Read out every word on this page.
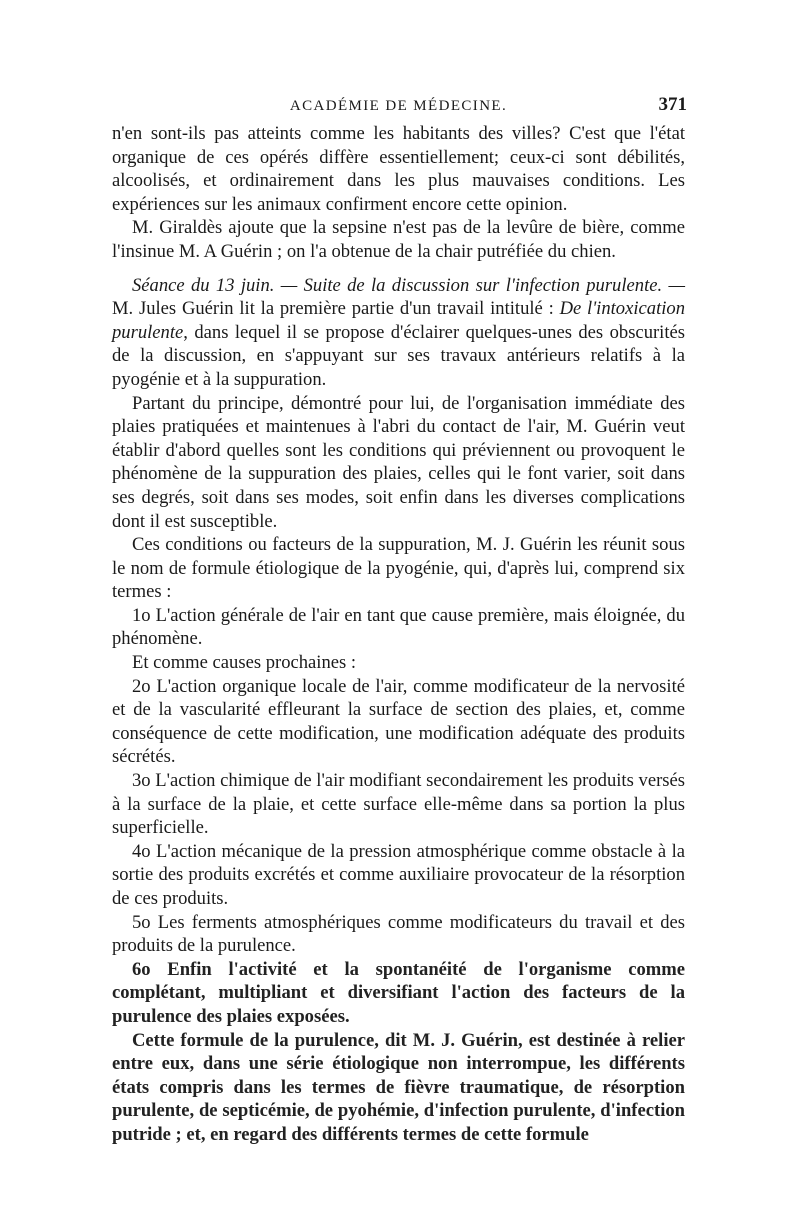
ACADÉMIE DE MÉDECINE.	371

n'en sont-ils pas atteints comme les habitants des villes? C'est que l'état organique de ces opérés diffère essentiellement; ceux-ci sont débilités, alcoolisés, et ordinairement dans les plus mauvaises conditions. Les expériences sur les animaux confirment encore cette opinion.

M. Giraldès ajoute que la sepsine n'est pas de la levûre de bière, comme l'insinue M. A Guérin ; on l'a obtenue de la chair putréfiée du chien.

Séance du 13 juin. — Suite de la discussion sur l'infection purulente. — M. Jules Guérin lit la première partie d'un travail intitulé : De l'intoxication purulente, dans lequel il se propose d'éclairer quelques-unes des obscurités de la discussion, en s'appuyant sur ses travaux antérieurs relatifs à la pyogénie et à la suppuration.

Partant du principe, démontré pour lui, de l'organisation immédiate des plaies pratiquées et maintenues à l'abri du contact de l'air, M. Guérin veut établir d'abord quelles sont les conditions qui préviennent ou provoquent le phénomène de la suppuration des plaies, celles qui le font varier, soit dans ses degrés, soit dans ses modes, soit enfin dans les diverses complications dont il est susceptible.

Ces conditions ou facteurs de la suppuration, M. J. Guérin les réunit sous le nom de formule étiologique de la pyogénie, qui, d'après lui, comprend six termes :

1o L'action générale de l'air en tant que cause première, mais éloignée, du phénomène.

Et comme causes prochaines :

2o L'action organique locale de l'air, comme modificateur de la nervosité et de la vascularité effleurant la surface de section des plaies, et, comme conséquence de cette modification, une modification adéquate des produits sécrétés.

3o L'action chimique de l'air modifiant secondairement les produits versés à la surface de la plaie, et cette surface elle-même dans sa portion la plus superficielle.

4o L'action mécanique de la pression atmosphérique comme obstacle à la sortie des produits excrétés et comme auxiliaire provocateur de la résorption de ces produits.

5o Les ferments atmosphériques comme modificateurs du travail et des produits de la purulence.

6o Enfin l'activité et la spontanéité de l'organisme comme complétant, multipliant et diversifiant l'action des facteurs de la purulence des plaies exposées.

Cette formule de la purulence, dit M. J. Guérin, est destinée à relier entre eux, dans une série étiologique non interrompue, les différents états compris dans les termes de fièvre traumatique, de résorption purulente, de septicémie, de pyohémie, d'infection purulente, d'infection putride ; et, en regard des différents termes de cette formule
